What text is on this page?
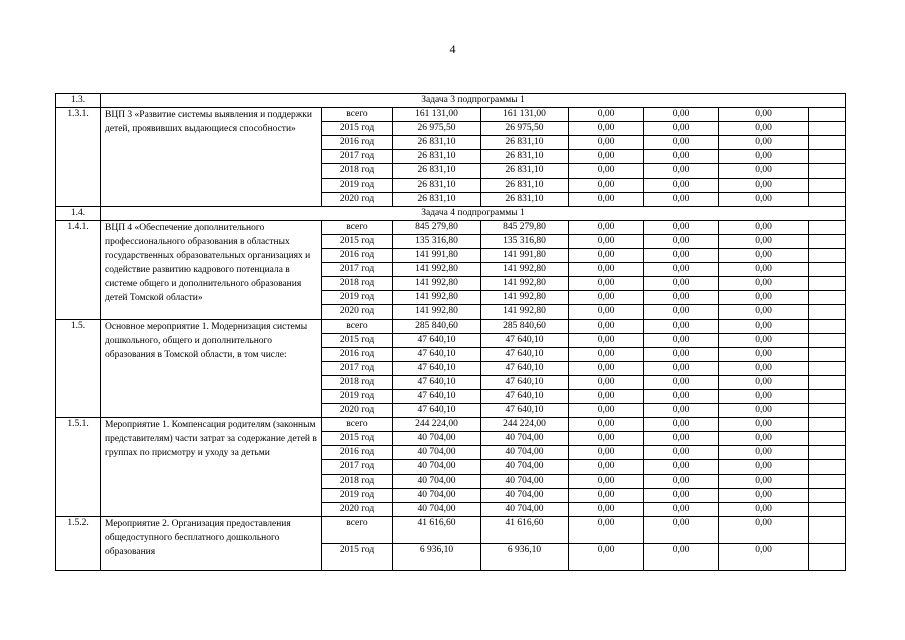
4
1.3.	Задача 3 подпрограммы 1							
1.3.1.	ВЦП 3 «Развитие системы выявления и поддержки детей, проявивших выдающиеся способности»	всего	161 131,00	161 131,00	0,00	0,00	0,00	
		2015 год	26 975,50	26 975,50	0,00	0,00	0,00	
		2016 год	26 831,10	26 831,10	0,00	0,00	0,00	
		2017 год	26 831,10	26 831,10	0,00	0,00	0,00	
		2018 год	26 831,10	26 831,10	0,00	0,00	0,00	
		2019 год	26 831,10	26 831,10	0,00	0,00	0,00	
		2020 год	26 831,10	26 831,10	0,00	0,00	0,00	
1.4.	Задача 4 подпрограммы 1							
1.4.1.	ВЦП 4 «Обеспечение дополнительного профессионального образования в областных государственных образовательных организациях и содействие развитию кадрового потенциала в системе общего и дополнительного образования детей Томской области»	всего	845 279,80	845 279,80	0,00	0,00	0,00	
		2015 год	135 316,80	135 316,80	0,00	0,00	0,00	
		2016 год	141 991,80	141 991,80	0,00	0,00	0,00	
		2017 год	141 992,80	141 992,80	0,00	0,00	0,00	
		2018 год	141 992,80	141 992,80	0,00	0,00	0,00	
		2019 год	141 992,80	141 992,80	0,00	0,00	0,00	
		2020 год	141 992,80	141 992,80	0,00	0,00	0,00	
1.5.	Основное мероприятие 1. Модернизация системы дошкольного, общего и дополнительного образования в Томской области, в том числе:	всего	285 840,60	285 840,60	0,00	0,00	0,00	
		2015 год	47 640,10	47 640,10	0,00	0,00	0,00	
		2016 год	47 640,10	47 640,10	0,00	0,00	0,00	
		2017 год	47 640,10	47 640,10	0,00	0,00	0,00	
		2018 год	47 640,10	47 640,10	0,00	0,00	0,00	
		2019 год	47 640,10	47 640,10	0,00	0,00	0,00	
		2020 год	47 640,10	47 640,10	0,00	0,00	0,00	
1.5.1.	Мероприятие 1. Компенсация родителям (законным представителям) части затрат за содержание детей в группах по присмотру и уходу за детьми	всего	244 224,00	244 224,00	0,00	0,00	0,00	
		2015 год	40 704,00	40 704,00	0,00	0,00	0,00	
		2016 год	40 704,00	40 704,00	0,00	0,00	0,00	
		2017 год	40 704,00	40 704,00	0,00	0,00	0,00	
		2018 год	40 704,00	40 704,00	0,00	0,00	0,00	
		2019 год	40 704,00	40 704,00	0,00	0,00	0,00	
		2020 год	40 704,00	40 704,00	0,00	0,00	0,00	
1.5.2.	Мероприятие 2. Организация предоставления общедоступного бесплатного дошкольного образования	всего	41 616,60	41 616,60	0,00	0,00	0,00	
		2015 год	6 936,10	6 936,10	0,00	0,00	0,00	
